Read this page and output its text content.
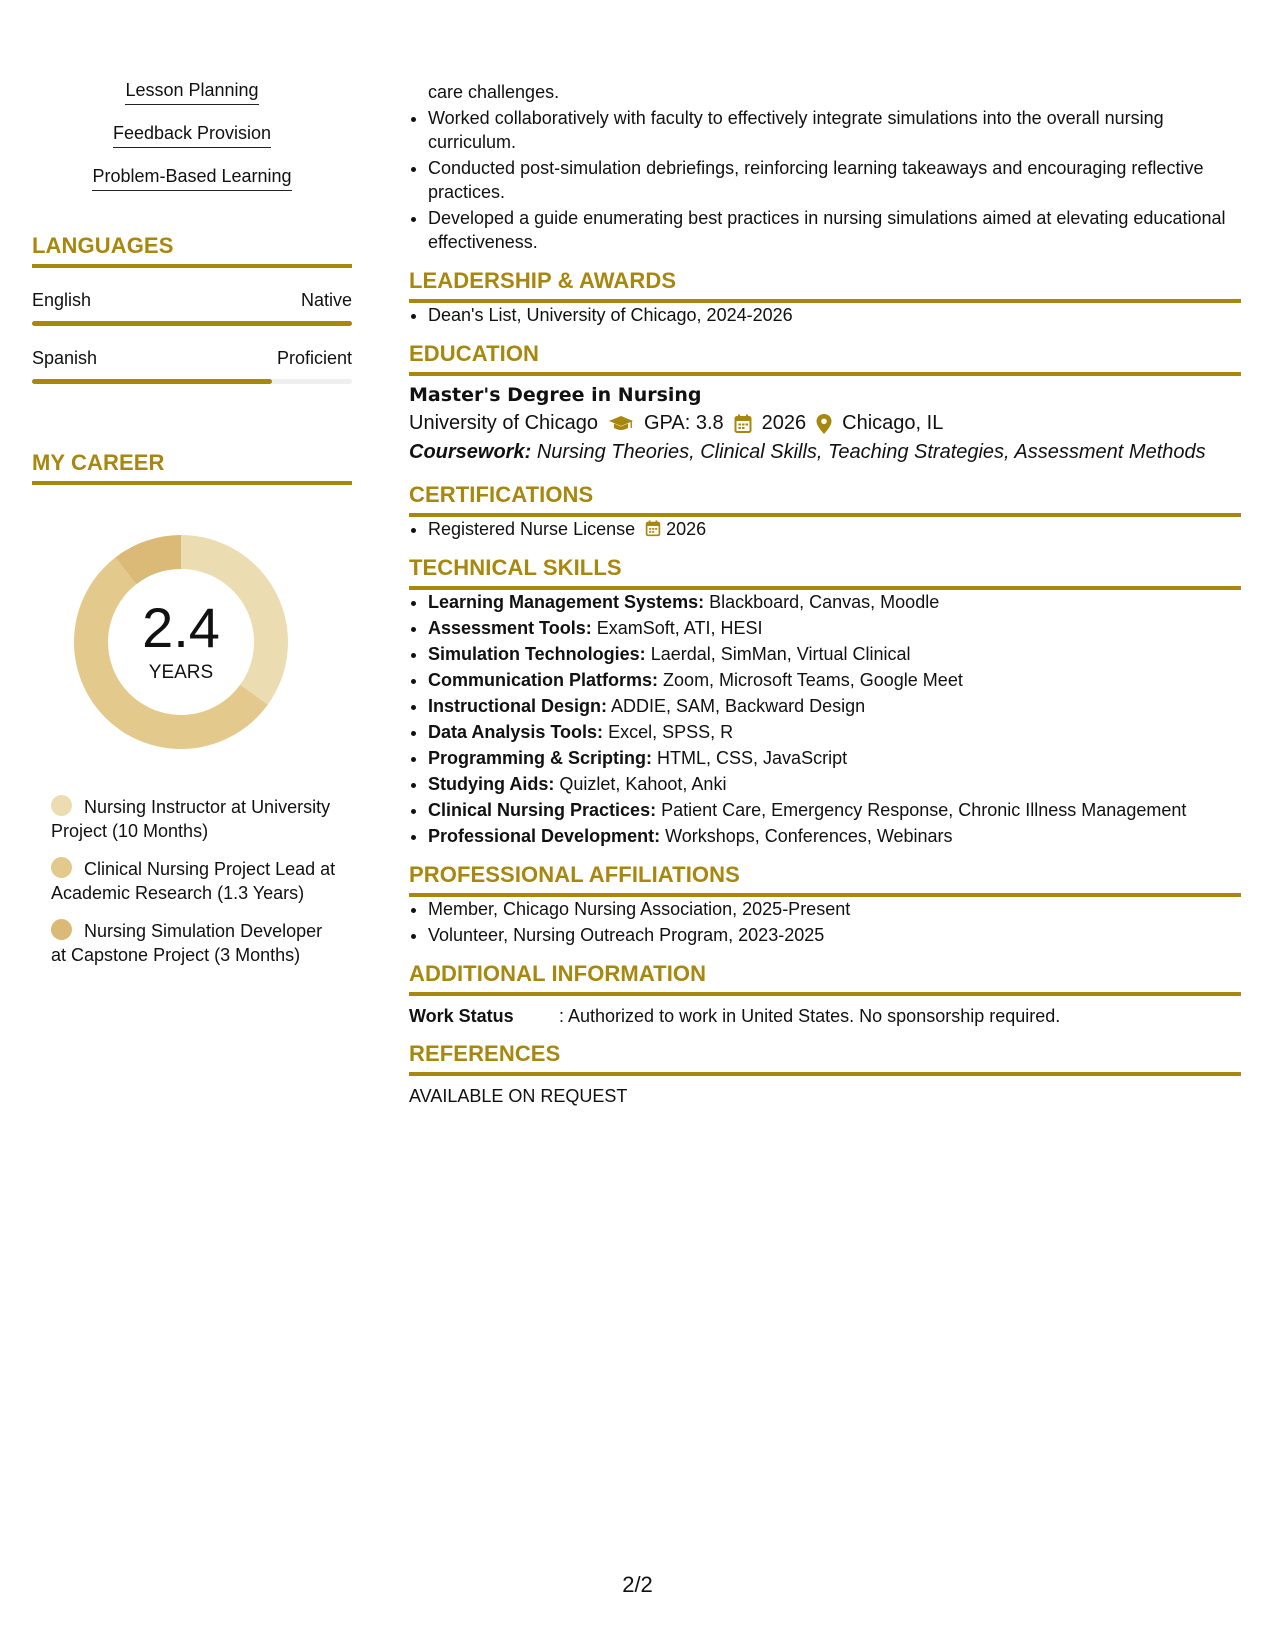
Lesson Planning
Feedback Provision
Problem-Based Learning
LANGUAGES
English	Native
Spanish	Proficient
MY CAREER
2.4
YEARS
Nursing Instructor at University Project (10 Months)
Clinical Nursing Project Lead at Academic Research (1.3 Years)
Nursing Simulation Developer at Capstone Project (3 Months)
care challenges.
• Worked collaboratively with faculty to effectively integrate simulations into the overall nursing curriculum.
• Conducted post-simulation debriefings, reinforcing learning takeaways and encouraging reflective practices.
• Developed a guide enumerating best practices in nursing simulations aimed at elevating educational effectiveness.
LEADERSHIP & AWARDS
• Dean's List, University of Chicago, 2024-2026
EDUCATION
Master's Degree in Nursing
University of Chicago GPA: 3.8 2026 Chicago, IL
Coursework: Nursing Theories, Clinical Skills, Teaching Strategies, Assessment Methods
CERTIFICATIONS
• Registered Nurse License 2026
TECHNICAL SKILLS
• Learning Management Systems: Blackboard, Canvas, Moodle
• Assessment Tools: ExamSoft, ATI, HESI
• Simulation Technologies: Laerdal, SimMan, Virtual Clinical
• Communication Platforms: Zoom, Microsoft Teams, Google Meet
• Instructional Design: ADDIE, SAM, Backward Design
• Data Analysis Tools: Excel, SPSS, R
• Programming & Scripting: HTML, CSS, JavaScript
• Studying Aids: Quizlet, Kahoot, Anki
• Clinical Nursing Practices: Patient Care, Emergency Response, Chronic Illness Management
• Professional Development: Workshops, Conferences, Webinars
PROFESSIONAL AFFILIATIONS
• Member, Chicago Nursing Association, 2025-Present
• Volunteer, Nursing Outreach Program, 2023-2025
ADDITIONAL INFORMATION
Work Status	: Authorized to work in United States. No sponsorship required.
REFERENCES
AVAILABLE ON REQUEST
2/2
